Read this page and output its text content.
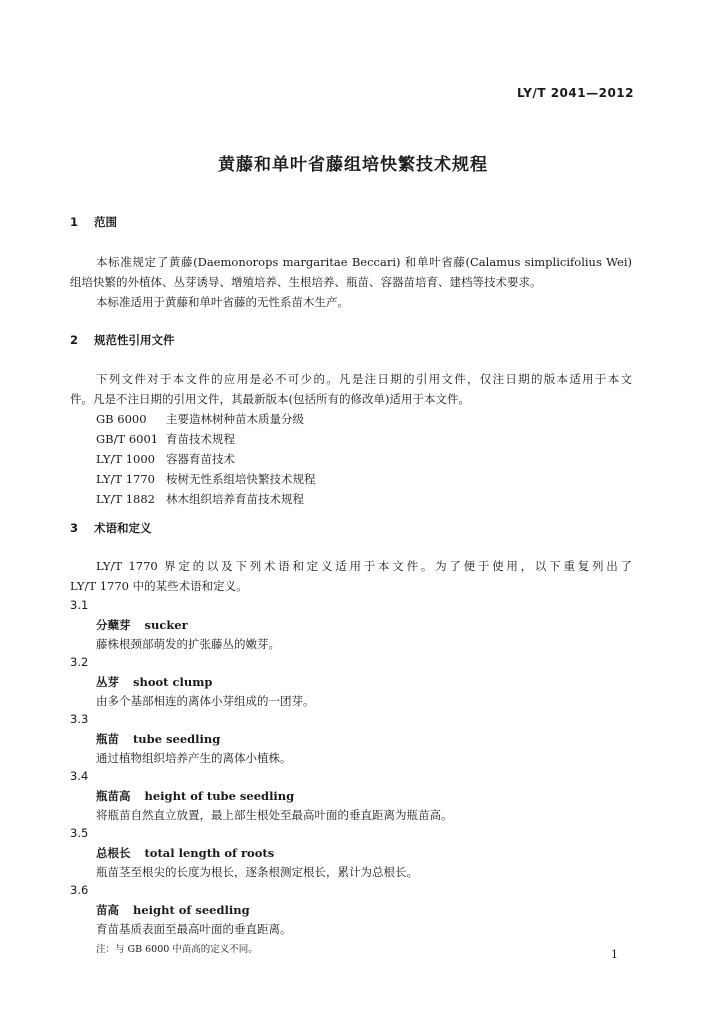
LY/T 2041—2012
黄藤和单叶省藤组培快繁技术规程
1 范围
本标准规定了黄藤(Daemonorops margaritae Beccari) 和单叶省藤(Calamus simplicifolius Wei)
组培快繁的外植体、丛芽诱导、增殖培养、生根培养、瓶苗、容器苗培育、建档等技术要求。
本标准适用于黄藤和单叶省藤的无性系苗木生产。
2 规范性引用文件
下列文件对于本文件的应用是必不可少的。凡是注日期的引用文件，仅注日期的版本适用于本文
件。凡是不注日期的引用文件，其最新版本(包括所有的修改单)适用于本文件。
GB 6000 主要造林树种苗木质量分级
GB/T 6001 育苗技术规程
LY/T 1000 容器育苗技术
LY/T 1770 桉树无性系组培快繁技术规程
LY/T 1882 林木组织培养育苗技术规程
3 术语和定义
LY/T 1770 界定的以及下列术语和定义适用于本文件。为了便于使用，以下重复列出了
LY/T 1770 中的某些术语和定义。
3.1
分蘖芽 sucker
藤株根颈部萌发的扩张藤丛的嫩芽。
3.2
丛芽 shoot clump
由多个基部相连的离体小芽组成的一团芽。
3.3
瓶苗 tube seedling
通过植物组织培养产生的离体小植株。
3.4
瓶苗高 height of tube seedling
将瓶苗自然直立放置，最上部生根处至最高叶面的垂直距离为瓶苗高。
3.5
总根长 total length of roots
瓶苗茎至根尖的长度为根长，逐条根测定根长，累计为总根长。
3.6
苗高 height of seedling
育苗基质表面至最高叶面的垂直距离。
注：与 GB 6000 中苗高的定义不同。	1
